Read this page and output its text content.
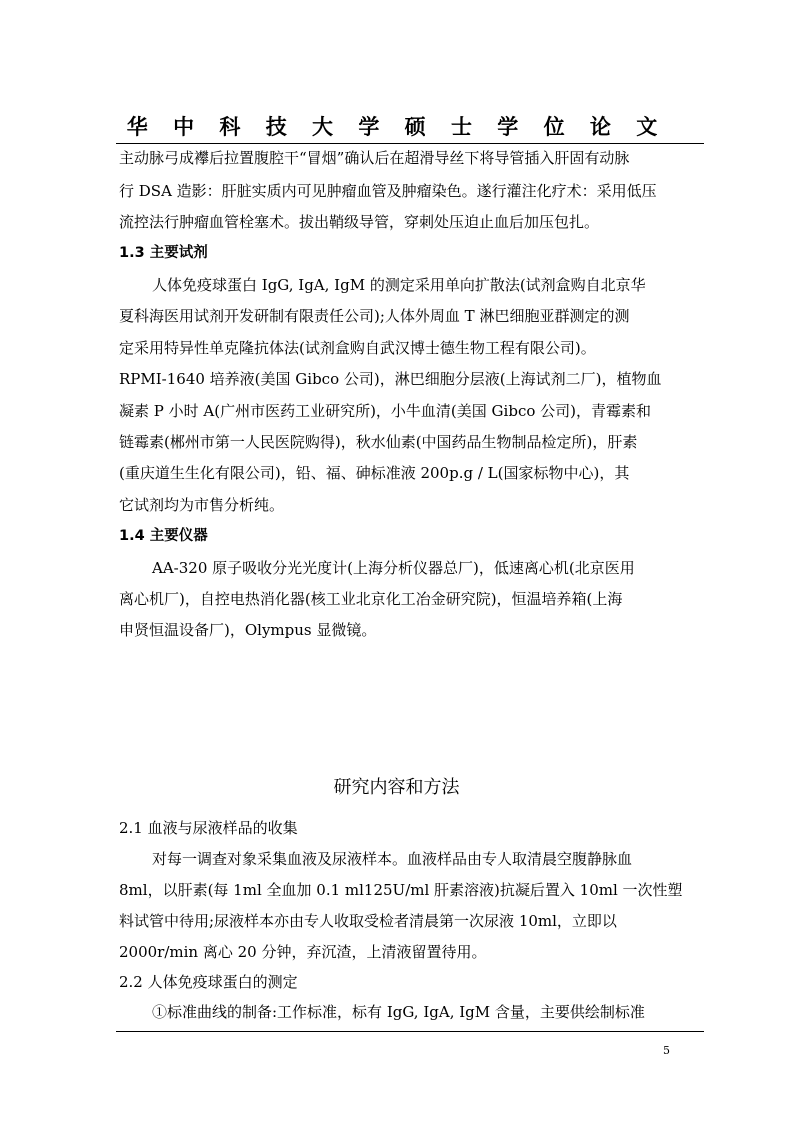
华 中 科 技 大 学 硕 士 学 位 论 文
主动脉弓成襻后拉置腹腔干“冒烟”确认后在超滑导丝下将导管插入肝固有动脉
行 DSA 造影：肝脏实质内可见肿瘤血管及肿瘤染色。遂行灌注化疗术：采用低压
流控法行肿瘤血管栓塞术。拔出鞘级导管，穿刺处压迫止血后加压包扎。
1.3 主要试剂
人体免疫球蛋白 IgG, IgA, IgM 的测定采用单向扩散法(试剂盒购自北京华
夏科海医用试剂开发研制有限责任公司);人体外周血 T 淋巴细胞亚群测定的测
定采用特异性单克隆抗体法(试剂盒购自武汉博士德生物工程有限公司)。
RPMI-1640 培养液(美国 Gibco 公司)，淋巴细胞分层液(上海试剂二厂)，植物血
凝素 P 小时 A(广州市医药工业研究所)，小牛血清(美国 Gibco 公司)，青霉素和
链霉素(郴州市第一人民医院购得)，秋水仙素(中国药品生物制品检定所)，肝素
(重庆道生生化有限公司)，铅、福、砷标准液 200p.g / L(国家标物中心)，其
它试剂均为市售分析纯。
1.4 主要仪器
AA-320 原子吸收分光光度计(上海分析仪器总厂)，低速离心机(北京医用
离心机厂)，自控电热消化器(核工业北京化工冶金研究院)，恒温培养箱(上海
申贤恒温设备厂)，Olympus 显微镜。
研究内容和方法
2.1 血液与尿液样品的收集
对每一调查对象采集血液及尿液样本。血液样品由专人取清晨空腹静脉血
8ml，以肝素(每 1ml 全血加 0.1 ml125U/ml 肝素溶液)抗凝后置入 10ml 一次性塑
料试管中待用;尿液样本亦由专人收取受检者清晨第一次尿液 10ml，立即以
2000r/min 离心 20 分钟，弃沉渣，上清液留置待用。
2.2 人体免疫球蛋白的测定
①标准曲线的制备:工作标准，标有 IgG, IgA, IgM 含量，主要供绘制标准
5
